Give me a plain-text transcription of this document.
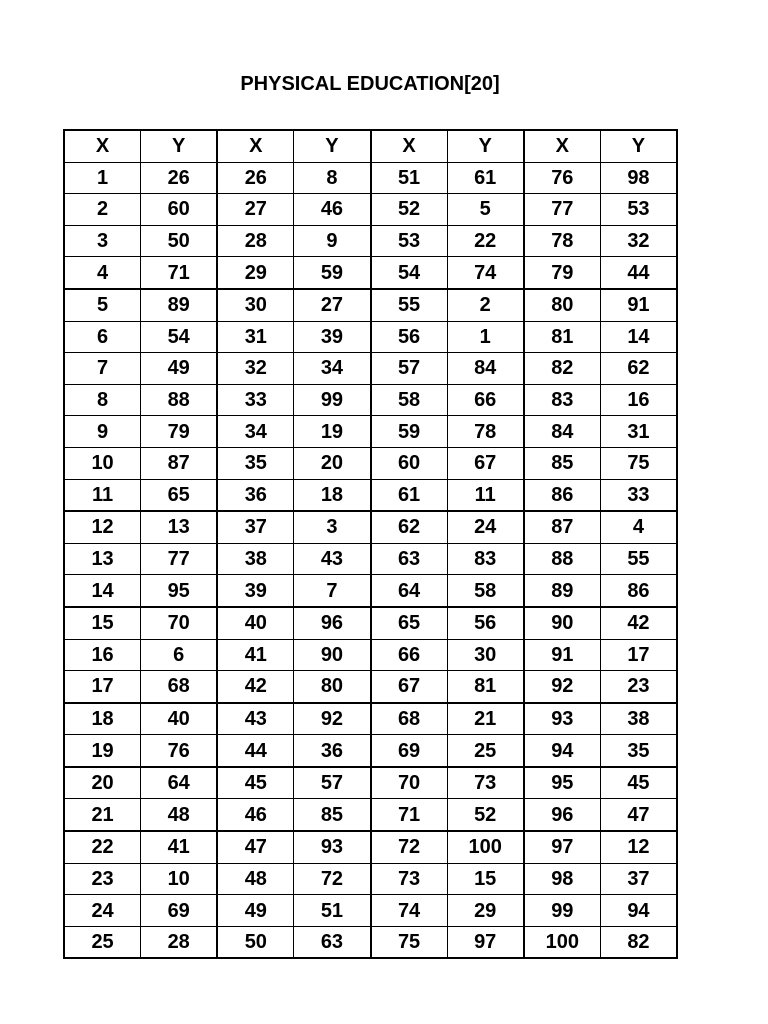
PHYSICAL EDUCATION[20]
X	Y	X	Y	X	Y	X	Y
1	26	26	8	51	61	76	98
2	60	27	46	52	5	77	53
3	50	28	9	53	22	78	32
4	71	29	59	54	74	79	44
5	89	30	27	55	2	80	91
6	54	31	39	56	1	81	14
7	49	32	34	57	84	82	62
8	88	33	99	58	66	83	16
9	79	34	19	59	78	84	31
10	87	35	20	60	67	85	75
11	65	36	18	61	11	86	33
12	13	37	3	62	24	87	4
13	77	38	43	63	83	88	55
14	95	39	7	64	58	89	86
15	70	40	96	65	56	90	42
16	6	41	90	66	30	91	17
17	68	42	80	67	81	92	23
18	40	43	92	68	21	93	38
19	76	44	36	69	25	94	35
20	64	45	57	70	73	95	45
21	48	46	85	71	52	96	47
22	41	47	93	72	100	97	12
23	10	48	72	73	15	98	37
24	69	49	51	74	29	99	94
25	28	50	63	75	97	100	82
